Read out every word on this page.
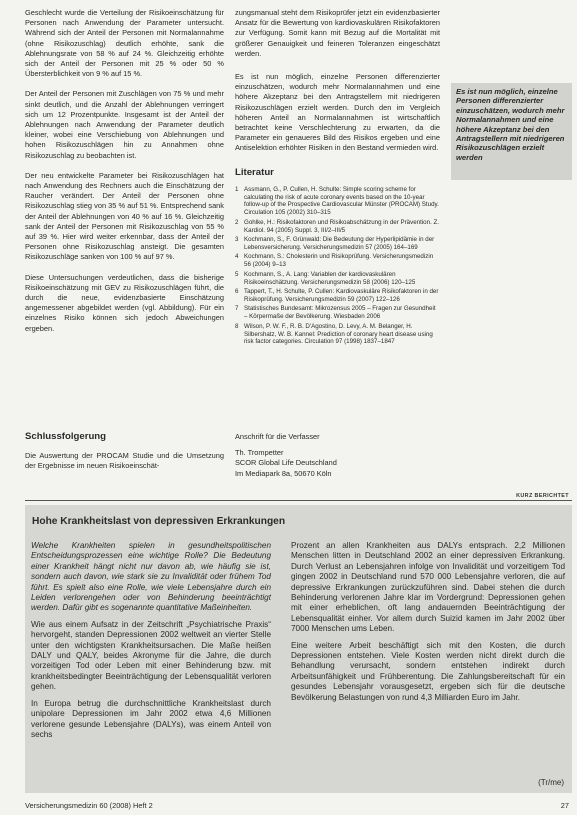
Geschlecht wurde die Verteilung der Risikoeinschätzung für Personen nach Anwendung der Parameter untersucht. Während sich der Anteil der Personen mit Normalannahme (ohne Risikozuschlag) deutlich erhöhte, sank die Ablehnungsrate von 58 % auf 24 %. Gleichzeitig erhöhte sich der Anteil der Personen mit 25 % oder 50 % Übersterblichkeit von 9 % auf 15 %.

Der Anteil der Personen mit Zuschlägen von 75 % und mehr sinkt deutlich, und die Anzahl der Ablehnungen verringert sich um 12 Prozentpunkte. Insgesamt ist der Anteil der Ablehnungen nach Anwendung der Parameter deutlich kleiner, wobei eine Verschiebung von Ablehnungen und hohen Risikozuschlägen hin zu Annahmen ohne Risikozuschlag zu beobachten ist.

Der neu entwickelte Parameter bei Risikozuschlägen hat nach Anwendung des Rechners auch die Einschätzung der Raucher verändert. Der Anteil der Personen ohne Risikozuschlag stieg von 35 % auf 51 %. Entsprechend sank der Anteil der Ablehnungen von 40 % auf 16 %. Gleichzeitig sank der Anteil der Personen mit Risikozuschlag von 55 % auf 39 %. Hier wird weiter erkennbar, dass der Anteil der Personen ohne Risikozuschlag ansteigt. Die gesamten Risikozuschläge sanken von 100 % auf 97 %.

Diese Untersuchungen verdeutlichen, dass die bisherige Risikoeinschätzung mit GEV zu Risikozuschlägen führt, die durch die neue, evidenzbasierte Einschätzung angemessener abgebildet werden (vgl. Abbildung). Für ein einzelnes Risiko können sich jedoch Abweichungen ergeben.

Schlussfolgerung
Die Auswertung der PROCAM Studie und die Umsetzung der Ergebnisse im neuen Risikoeinschät-

zungsmanual steht dem Risikoprüfer jetzt ein evidenzbasierter Ansatz für die Bewertung von kardiovaskulären Risikofaktoren zur Verfügung. Somit kann mit Bezug auf die Mortalität mit größerer Genauigkeit und feineren Toleranzen eingeschätzt werden.

Es ist nun möglich, einzelne Personen differenzierter einzuschätzen, wodurch mehr Normalannahmen und eine höhere Akzeptanz bei den Antragstellern mit niedrigeren Risikozuschlägen erzielt werden. Durch den im Vergleich höheren Anteil an Normalannahmen ist wirtschaftlich betrachtet keine Verschlechterung zu erwarten, da die Parameter ein genaueres Bild des Risikos ergeben und eine Antiselektion erhöhter Risiken in den Bestand vermieden wird.

Literatur
1 Assmann, G., P. Cullen, H. Schulte: Simple scoring scheme for calculating the risk of acute coronary events based on the 10-year follow-up of the Prospective Cardiovascular Münster (PROCAM) Study. Circulation 105 (2002) 310–315
2 Gohlke, H.: Risikofaktoren und Risikoabschätzung in der Prävention. Z. Kardiol. 94 (2005) Suppl. 3, III/2–III/5
3 Kochmann, S., F. Grünwald: Die Bedeutung der Hyperlipidämie in der Lebensversicherung. Versicherungsmedizin 57 (2005) 164–169
4 Kochmann, S.: Cholesterin und Risikoprüfung. Versicherungsmedizin 56 (2004) 9–13
5 Kochmann, S., A. Lang: Variablen der kardiovaskulären Risikoeinschätzung. Versicherungsmedizin 58 (2006) 120–125
6 Tappert, T., H. Schulte, P. Cullen: Kardiovaskuläre Risikofaktoren in der Risikoprüfung. Versicherungsmedizin 59 (2007) 122–126
7 Statistisches Bundesamt: Mikrozensus 2005 – Fragen zur Gesundheit – Körpermaße der Bevölkerung. Wiesbaden 2006
8 Wilson, P. W. F., R. B. D'Agostino, D. Levy, A. M. Belanger, H. Silbershatz, W. B. Kannel: Prediction of coronary heart disease using risk factor categories. Circulation 97 (1998) 1837–1847
Anschrift für die Verfasser
Th. Trompetter
SCOR Global Life Deutschland
Im Mediapark 8a, 50670 Köln
Es ist nun möglich, einzelne Personen differenzierter einzuschätzen, wodurch mehr Normalannahmen und eine höhere Akzeptanz bei den Antragstellern mit niedrigeren Risikozuschlägen erzielt werden
KURZ BERICHTET
Hohe Krankheitslast von depressiven Erkrankungen

Welche Krankheiten spielen in gesundheitspolitischen Entscheidungsprozessen eine wichtige Rolle? Die Bedeutung einer Krankheit hängt nicht nur davon ab, wie häufig sie ist, sondern auch davon, wie stark sie zu Invalidität oder frühem Tod führt. Es spielt also eine Rolle, wie viele Lebensjahre durch ein Leiden verlorengehen oder von Behinderung beeinträchtigt werden. Dafür gibt es sogenannte quantitative Maßeinheiten.

Wie aus einem Aufsatz in der Zeitschrift „Psychiatrische Praxis“ hervorgeht, standen Depressionen 2002 weltweit an vierter Stelle unter den wichtigsten Krankheitsursachen. Die Maße heißen DALY und QALY, beides Akronyme für die Jahre, die durch vorzeitigen Tod oder Leben mit einer Behinderung bzw. mit krankheitsbedingter Beeinträchtigung der Lebensqualität verloren gehen.

In Europa betrug die durchschnittliche Krankheitslast durch unipolare Depressionen im Jahr 2002 etwa 4,6 Millionen verlorene gesunde Lebensjahre (DALYs), was einem Anteil von sechs

Prozent an allen Krankheiten aus DALYs entsprach. 2,2 Millionen Menschen litten in Deutschland 2002 an einer depressiven Erkrankung. Durch Verlust an Lebensjahren infolge von Invalidität und vorzeitigem Tod gingen 2002 in Deutschland rund 570 000 Lebensjahre verloren, die auf depressive Erkrankungen zurückzuführen sind. Dabei stehen die durch Behinderung verlorenen Jahre klar im Vordergrund: Depressionen gehen mit einer erheblichen, oft lang andauernden Beeinträchtigung der Lebensqualität einher. Vor allem durch Suizid kamen im Jahr 2002 über 7000 Menschen ums Leben.

Eine weitere Arbeit beschäftigt sich mit den Kosten, die durch Depressionen entstehen. Viele Kosten werden nicht direkt durch die Behandlung verursacht, sondern entstehen indirekt durch Arbeitsunfähigkeit und Frühberentung. Die Zahlungsbereitschaft für ein gesundes Lebensjahr vorausgesetzt, ergeben sich für die deutsche Bevölkerung Belastungen von rund 4,3 Milliarden Euro im Jahr.

(Tr/me)
Versicherungsmedizin 60 (2008) Heft 2	27
